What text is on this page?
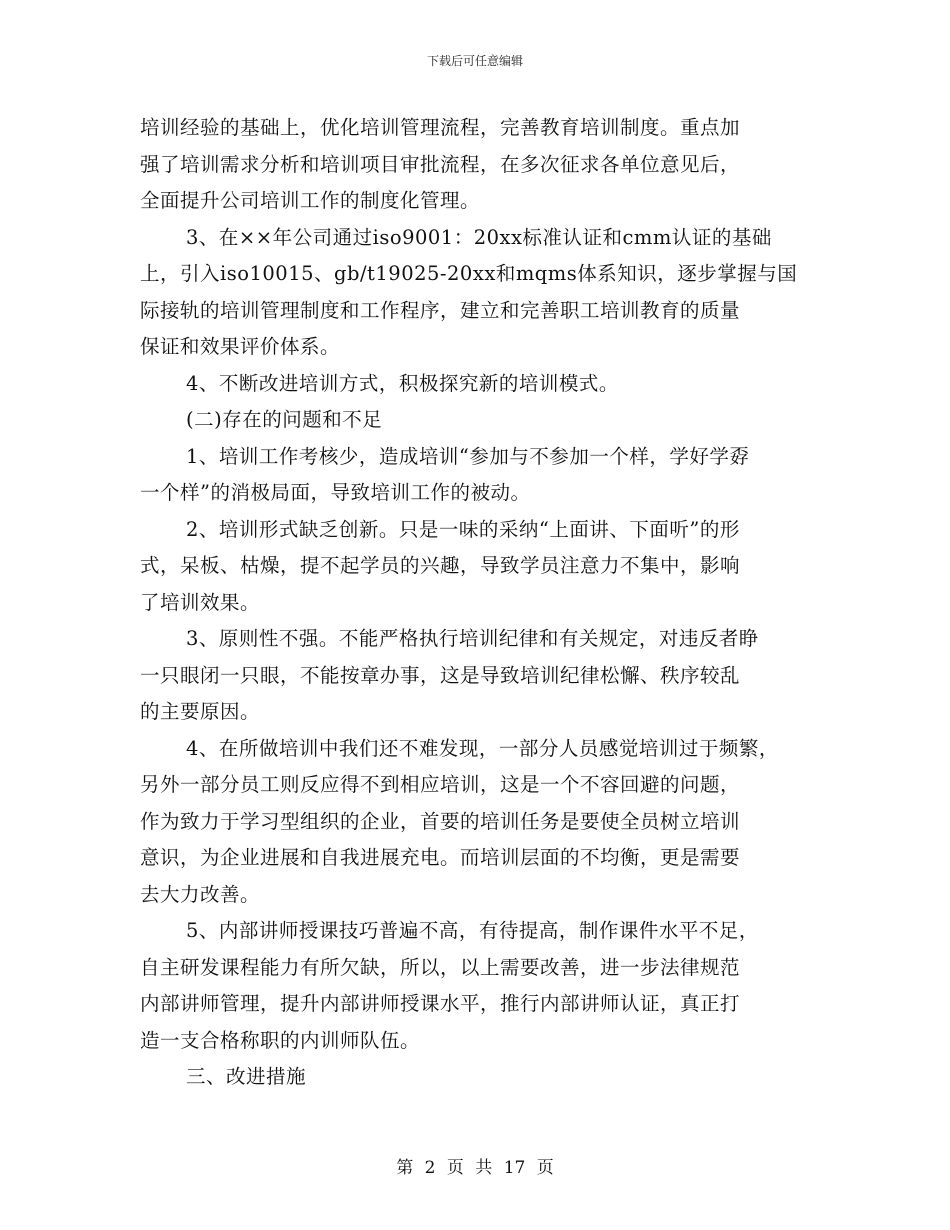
下载后可任意编辑
培训经验的基础上，优化培训管理流程，完善教育培训制度。重点加
强了培训需求分析和培训项目审批流程，在多次征求各单位意见后，
全面提升公司培训工作的制度化管理。
3、在××年公司通过iso9001：20xx标准认证和cmm认证的基础
上，引入iso10015、gb/t19025-20xx和mqms体系知识，逐步掌握与国
际接轨的培训管理制度和工作程序，建立和完善职工培训教育的质量
保证和效果评价体系。
4、不断改进培训方式，积极探究新的培训模式。
(二)存在的问题和不足
1、培训工作考核少，造成培训“参加与不参加一个样，学好学孬
一个样”的消极局面，导致培训工作的被动。
2、培训形式缺乏创新。只是一味的采纳“上面讲、下面听”的形
式，呆板、枯燥，提不起学员的兴趣，导致学员注意力不集中，影响
了培训效果。
3、原则性不强。不能严格执行培训纪律和有关规定，对违反者睁
一只眼闭一只眼，不能按章办事，这是导致培训纪律松懈、秩序较乱
的主要原因。
4、在所做培训中我们还不难发现，一部分人员感觉培训过于频繁，
另外一部分员工则反应得不到相应培训，这是一个不容回避的问题，
作为致力于学习型组织的企业，首要的培训任务是要使全员树立培训
意识，为企业进展和自我进展充电。而培训层面的不均衡，更是需要
去大力改善。
5、内部讲师授课技巧普遍不高，有待提高，制作课件水平不足，
自主研发课程能力有所欠缺，所以，以上需要改善，进一步法律规范
内部讲师管理，提升内部讲师授课水平，推行内部讲师认证，真正打
造一支合格称职的内训师队伍。
三、改进措施
第 2 页 共 17 页
